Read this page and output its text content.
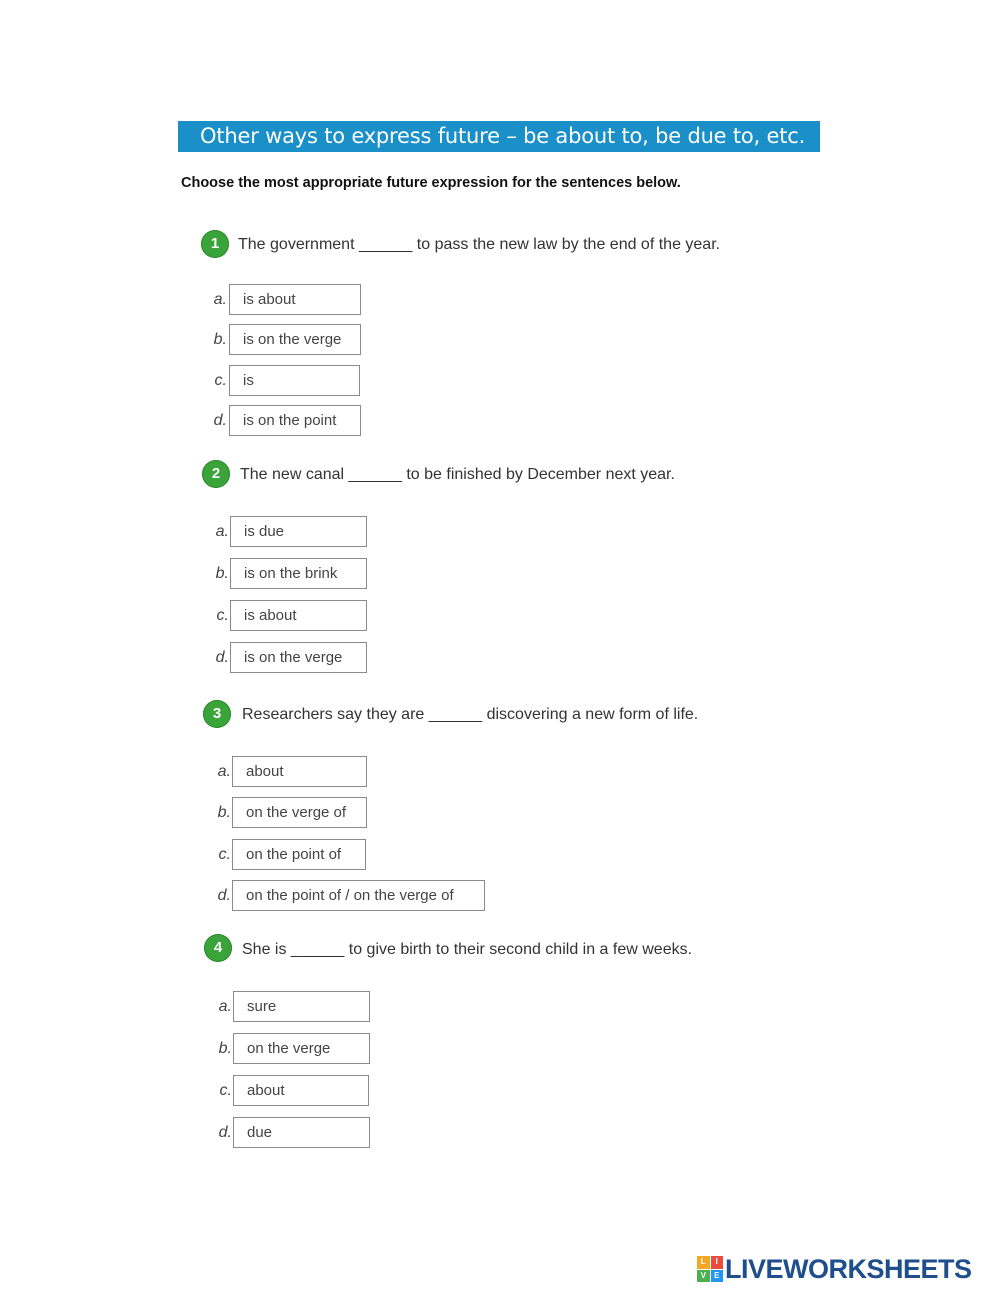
Other ways to express future – be about to, be due to, etc.
Choose the most appropriate future expression for the sentences below.
1	The government ______ to pass the new law by the end of the year.
a.	is about
b.	is on the verge
c.	is
d.	is on the point
2	The new canal ______ to be finished by December next year.
a.	is due
b.	is on the brink
c.	is about
d.	is on the verge
3	Researchers say they are ______ discovering a new form of life.
a.	about
b.	on the verge of
c.	on the point of
d.	on the point of / on the verge of
4	She is ______ to give birth to their second child in a few weeks.
a.	sure
b.	on the verge
c.	about
d.	due
L	I
V	E LIVEWORKSHEETS
